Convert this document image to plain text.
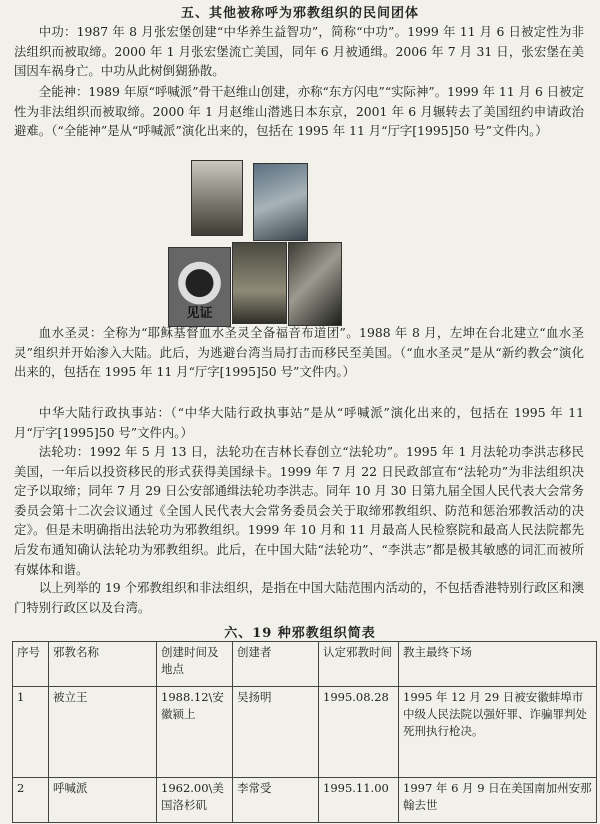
五、其他被称呼为邪教组织的民间团体

中功：1987 年 8 月张宏堡创建“中华养生益智功”，简称“中功”。1999 年 11 月 6 日被定性为非法组织而被取缔。2000 年 1 月张宏堡流亡美国，同年 6 月被通缉。2006 年 7 月 31 日，张宏堡在美国因车祸身亡。中功从此树倒猢狲散。

全能神：1989 年原“呼喊派”骨干赵维山创建，亦称“东方闪电”“实际神”。1999 年 11 月 6 日被定性为非法组织而被取缔。2000 年 1 月赵维山潜逃日本东京，2001 年 6 月辗转去了美国纽约申请政治避难。（“全能神”是从“呼喊派”演化出来的，包括在 1995 年 11 月“厅字[1995]50 号”文件内。）

见证

血水圣灵：全称为“耶稣基督血水圣灵全备福音布道团”。1988 年 8 月，左坤在台北建立“血水圣灵”组织并开始渗入大陆。此后，为逃避台湾当局打击而移民至美国。（“血水圣灵”是从“新约教会”演化出来的，包括在 1995 年 11 月“厅字[1995]50 号”文件内。）

中华大陆行政执事站：（“中华大陆行政执事站”是从“呼喊派”演化出来的，包括在 1995 年 11 月“厅字[1995]50 号”文件内。）

法轮功：1992 年 5 月 13 日，法轮功在吉林长春创立“法轮功”。1995 年 1 月法轮功李洪志移民美国，一年后以投资移民的形式获得美国绿卡。1999 年 7 月 22 日民政部宣布“法轮功”为非法组织决定予以取缔；同年 7 月 29 日公安部通缉法轮功李洪志。同年 10 月 30 日第九届全国人民代表大会常务委员会第十二次会议通过《全国人民代表大会常务委员会关于取缔邪教组织、防范和惩治邪教活动的决定》。但是未明确指出法轮功为邪教组织。1999 年 10 月和 11 月最高人民检察院和最高人民法院都先后发布通知确认法轮功为邪教组织。此后，在中国大陆“法轮功”、“李洪志”都是极其敏感的词汇而被所有媒体和谐。

以上列举的 19 个邪教组织和非法组织，是指在中国大陆范围内活动的，不包括香港特别行政区和澳门特别行政区以及台湾。

六、19 种邪教组织简表
序号	邪教名称	创建时间及地点	创建者	认定邪教时间	教主最终下场
1	被立王	1988.12\安徽颍上	吴扬明	1995.08.28	1995 年 12 月 29 日被安徽蚌埠市中级人民法院以强奸罪、诈骗罪判处死刑执行枪决。
2	呼喊派	1962.00\美国洛杉矶	李常受	1995.11.00	1997 年 6 月 9 日在美国南加州安那翰去世
